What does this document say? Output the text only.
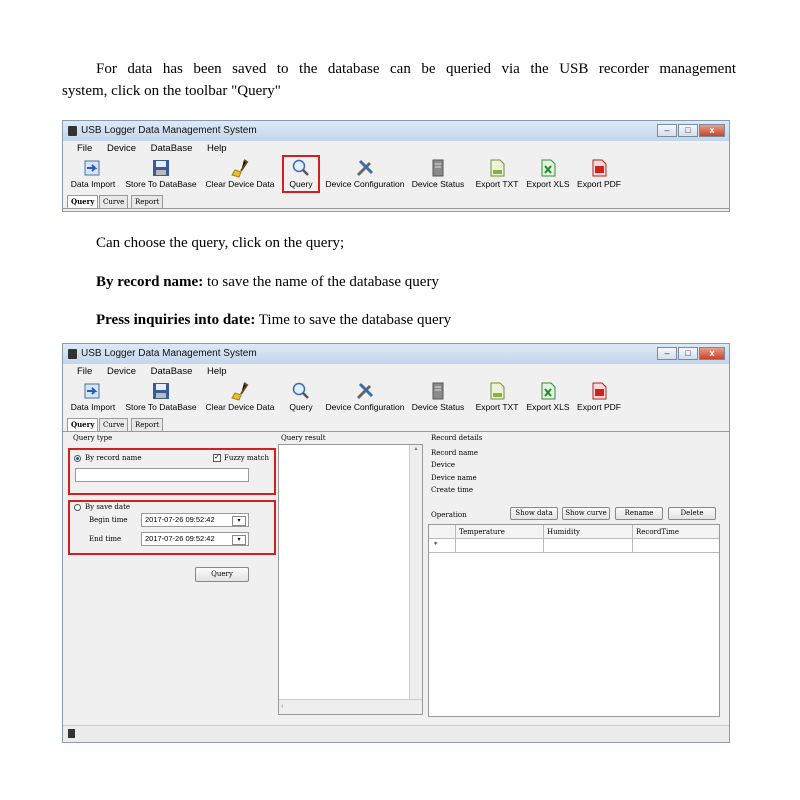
For data has been saved to the database can be queried via the USB recorder management
system, click on the toolbar "Query"
USB Logger Data Management System	–	□	x
File Device DataBase Help
Data Import	Store To DataBase	Clear Device Data	Query	Device Configuration Device Status	Export TXT Export XLS Export PDF
Query	Curve	Report
Can choose the query, click on the query;
By record name: to save the name of the database query
Press inquiries into date: Time to save the database query
USB Logger Data Management System	–	□	x
File Device DataBase Help
Data Import	Store To DataBase	Clear Device Data	Query	Device Configuration Device Status	Export TXT Export XLS Export PDF
Query	Curve	Report
Query type
By record name	✓ Fuzzy match
By save date
Begin time	2017-07-26 09:52:42	▾
End time	2017-07-26 09:52:42	▾
Query
Query result
▴
‹
Record details
Record name
Device
Device name
Create time
Operation	Show data	Show curve	Rename	Delete
Temperature	Humidity	RecordTime
*
